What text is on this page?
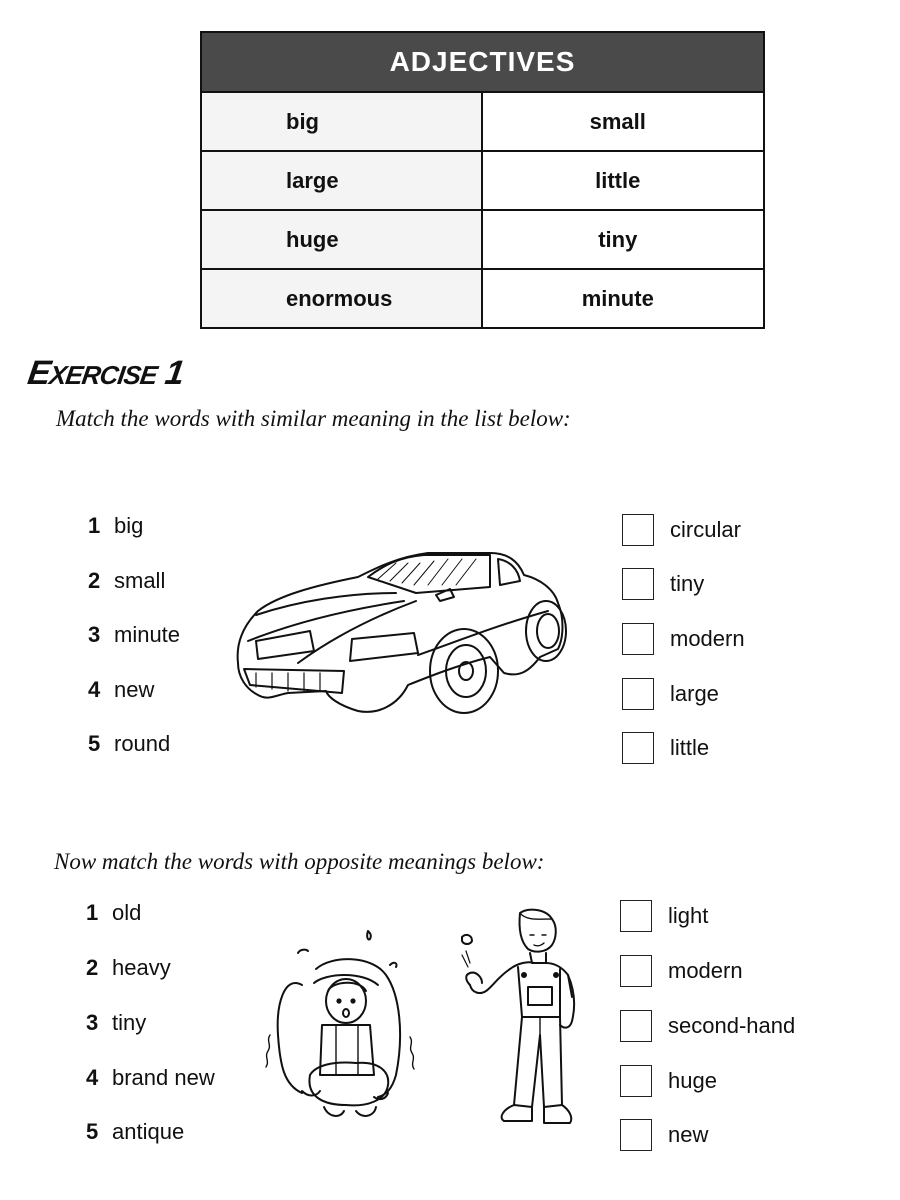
ADJECTIVES
big	small
large	little
huge	tiny
enormous	minute
EXERCISE 1
Match the words with similar meaning in the list below:
1 big
2 small
3 minute
4 new
5 round
circular
tiny
modern
large
little
Now match the words with opposite meanings below:
1 old
2 heavy
3 tiny
4 brand new
5 antique
light
modern
second-hand
huge
new
